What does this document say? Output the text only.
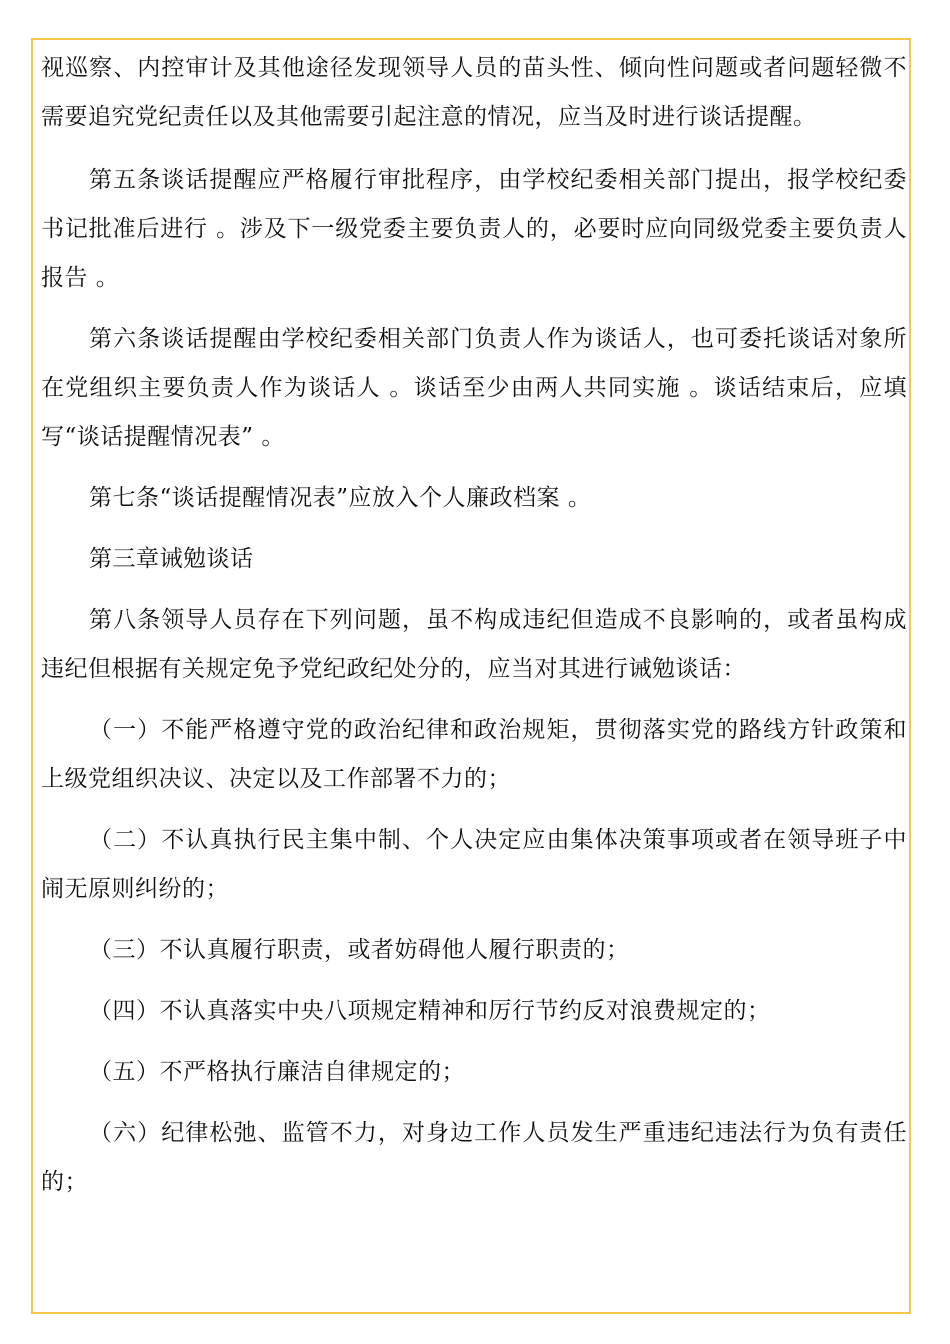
视巡察、内控审计及其他途径发现领导人员的苗头性、倾向性问题或者问题轻微不需要追究党纪责任以及其他需要引起注意的情况，应当及时进行谈话提醒。

第五条谈话提醒应严格履行审批程序，由学校纪委相关部门提出，报学校纪委书记批准后进行 。涉及下一级党委主要负责人的，必要时应向同级党委主要负责人报告 。

第六条谈话提醒由学校纪委相关部门负责人作为谈话人，也可委托谈话对象所在党组织主要负责人作为谈话人 。谈话至少由两人共同实施 。谈话结束后，应填写“谈话提醒情况表” 。

第七条“谈话提醒情况表”应放入个人廉政档案 。

第三章诫勉谈话

第八条领导人员存在下列问题，虽不构成违纪但造成不良影响的，或者虽构成违纪但根据有关规定免予党纪政纪处分的，应当对其进行诫勉谈话：

（一）不能严格遵守党的政治纪律和政治规矩，贯彻落实党的路线方针政策和上级党组织决议、决定以及工作部署不力的；

（二）不认真执行民主集中制、个人决定应由集体决策事项或者在领导班子中闹无原则纠纷的；

（三）不认真履行职责，或者妨碍他人履行职责的；

（四）不认真落实中央八项规定精神和厉行节约反对浪费规定的；

（五）不严格执行廉洁自律规定的；

（六）纪律松弛、监管不力，对身边工作人员发生严重违纪违法行为负有责任的；
